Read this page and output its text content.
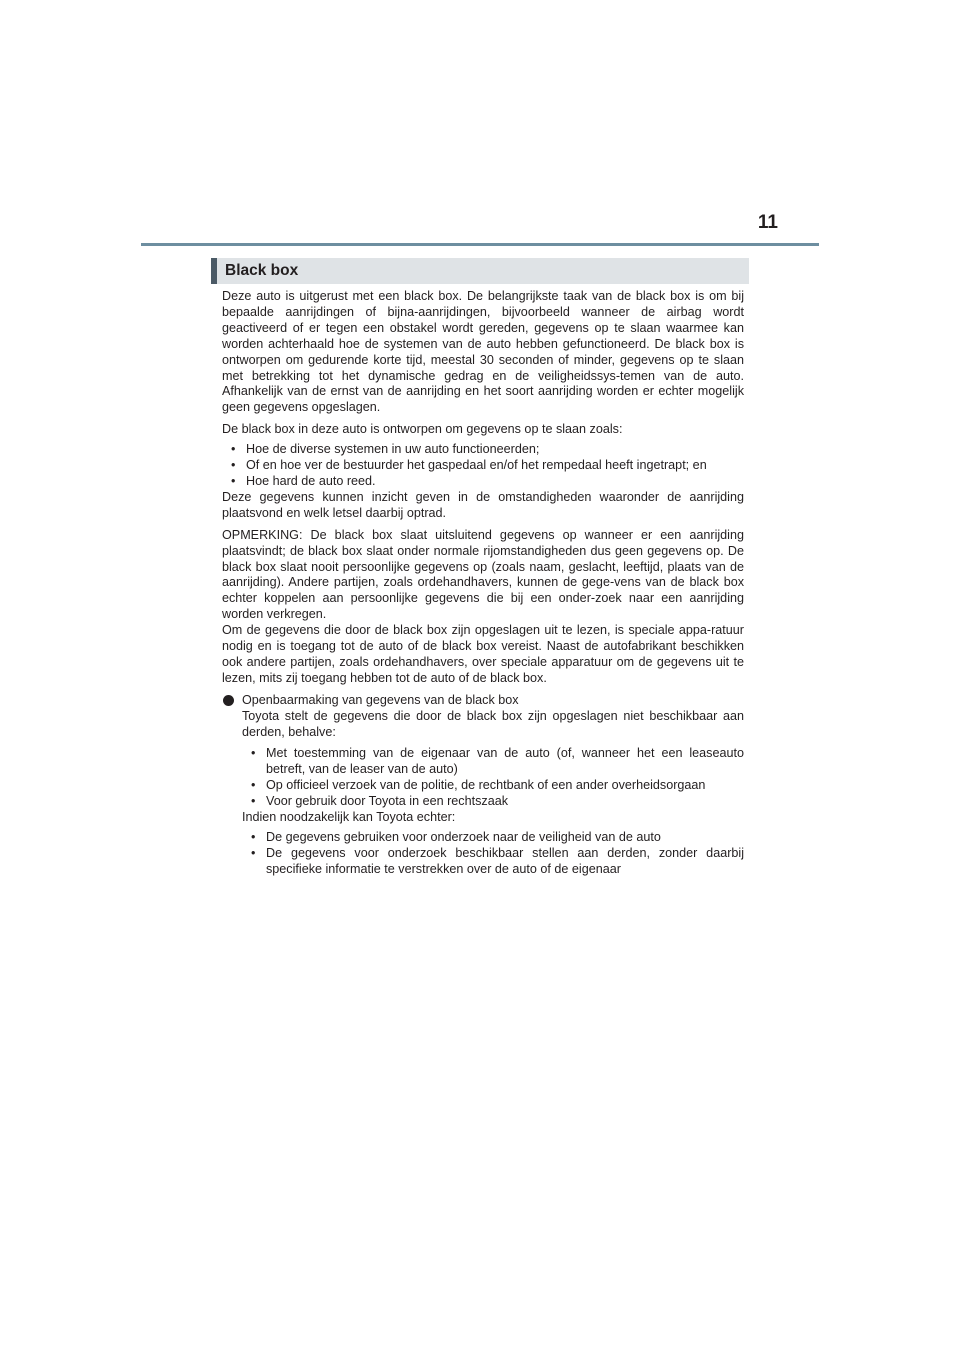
11
Black box

Deze auto is uitgerust met een black box. De belangrijkste taak van de black box is om bij bepaalde aanrijdingen of bijna-aanrijdingen, bijvoorbeeld wanneer de airbag wordt geactiveerd of er tegen een obstakel wordt gereden, gegevens op te slaan waarmee kan worden achterhaald hoe de systemen van de auto hebben gefunctioneerd. De black box is ontworpen om gedurende korte tijd, meestal 30 seconden of minder, gegevens op te slaan met betrekking tot het dynamische gedrag en de veiligheidssys-temen van de auto. Afhankelijk van de ernst van de aanrijding en het soort aanrijding worden er echter mogelijk geen gegevens opgeslagen.

De black box in deze auto is ontworpen om gegevens op te slaan zoals:

• Hoe de diverse systemen in uw auto functioneerden;
• Of en hoe ver de bestuurder het gaspedaal en/of het rempedaal heeft ingetrapt; en
• Hoe hard de auto reed.

Deze gegevens kunnen inzicht geven in de omstandigheden waaronder de aanrijding plaatsvond en welk letsel daarbij optrad.

OPMERKING: De black box slaat uitsluitend gegevens op wanneer er een aanrijding plaatsvindt; de black box slaat onder normale rijomstandigheden dus geen gegevens op. De black box slaat nooit persoonlijke gegevens op (zoals naam, geslacht, leeftijd, plaats van de aanrijding). Andere partijen, zoals ordehandhavers, kunnen de gege-vens van de black box echter koppelen aan persoonlijke gegevens die bij een onder-zoek naar een aanrijding worden verkregen.

Om de gegevens die door de black box zijn opgeslagen uit te lezen, is speciale appa-ratuur nodig en is toegang tot de auto of de black box vereist. Naast de autofabrikant beschikken ook andere partijen, zoals ordehandhavers, over speciale apparatuur om de gegevens uit te lezen, mits zij toegang hebben tot de auto of de black box.

Openbaarmaking van gegevens van de black box

Toyota stelt de gegevens die door de black box zijn opgeslagen niet beschikbaar aan derden, behalve:

• Met toestemming van de eigenaar van de auto (of, wanneer het een leaseauto betreft, van de leaser van de auto)
• Op officieel verzoek van de politie, de rechtbank of een ander overheidsorgaan
• Voor gebruik door Toyota in een rechtszaak

Indien noodzakelijk kan Toyota echter:

• De gegevens gebruiken voor onderzoek naar de veiligheid van de auto
• De gegevens voor onderzoek beschikbaar stellen aan derden, zonder daarbij specifieke informatie te verstrekken over de auto of de eigenaar
